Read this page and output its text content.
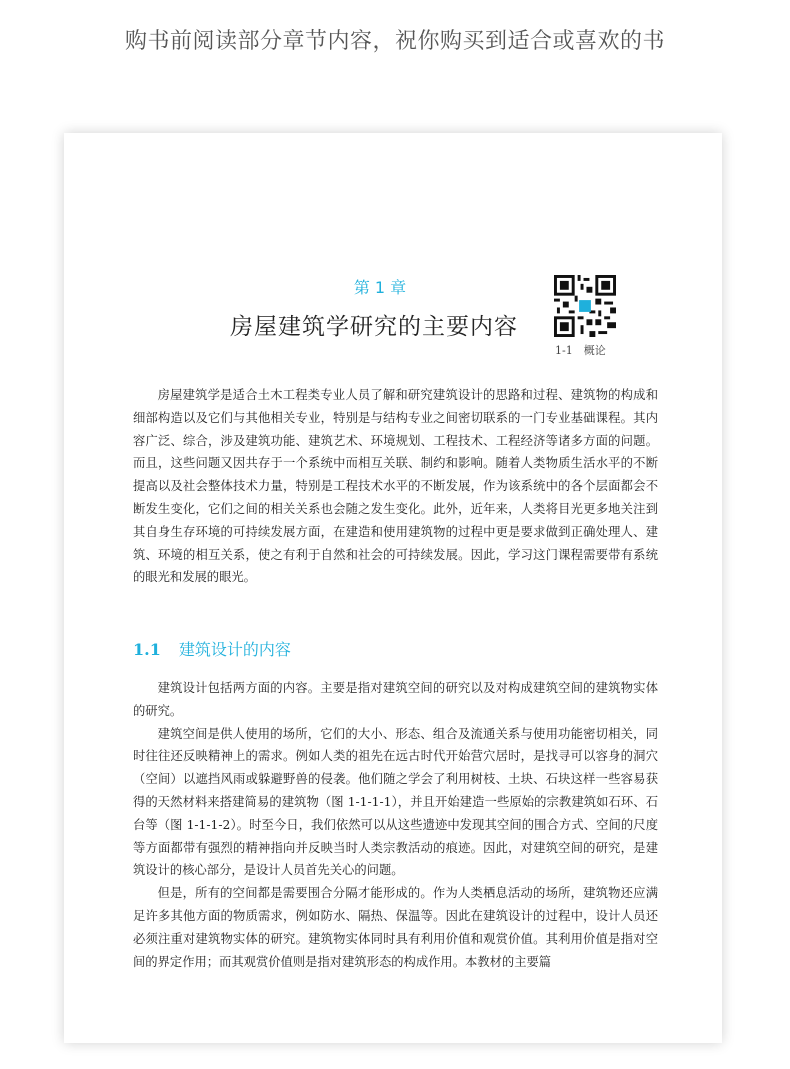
购书前阅读部分章节内容，祝你购买到适合或喜欢的书
第 1 章
房屋建筑学研究的主要内容
1-1　概论

房屋建筑学是适合土木工程类专业人员了解和研究建筑设计的思路和过程、建筑物的构成和细部构造以及它们与其他相关专业，特别是与结构专业之间密切联系的一门专业基础课程。其内容广泛、综合，涉及建筑功能、建筑艺术、环境规划、工程技术、工程经济等诸多方面的问题。而且，这些问题又因共存于一个系统中而相互关联、制约和影响。随着人类物质生活水平的不断提高以及社会整体技术力量，特别是工程技术水平的不断发展，作为该系统中的各个层面都会不断发生变化，它们之间的相关关系也会随之发生变化。此外，近年来，人类将目光更多地关注到其自身生存环境的可持续发展方面，在建造和使用建筑物的过程中更是要求做到正确处理人、建筑、环境的相互关系，使之有利于自然和社会的可持续发展。因此，学习这门课程需要带有系统的眼光和发展的眼光。

1.1 建筑设计的内容

建筑设计包括两方面的内容。主要是指对建筑空间的研究以及对构成建筑空间的建筑物实体的研究。

建筑空间是供人使用的场所，它们的大小、形态、组合及流通关系与使用功能密切相关，同时往往还反映精神上的需求。例如人类的祖先在远古时代开始营穴居时，是找寻可以容身的洞穴（空间）以遮挡风雨或躲避野兽的侵袭。他们随之学会了利用树枝、土块、石块这样一些容易获得的天然材料来搭建简易的建筑物（图 1-1-1-1），并且开始建造一些原始的宗教建筑如石环、石台等（图 1-1-1-2）。时至今日，我们依然可以从这些遗迹中发现其空间的围合方式、空间的尺度等方面都带有强烈的精神指向并反映当时人类宗教活动的痕迹。因此，对建筑空间的研究，是建筑设计的核心部分，是设计人员首先关心的问题。

但是，所有的空间都是需要围合分隔才能形成的。作为人类栖息活动的场所，建筑物还应满足许多其他方面的物质需求，例如防水、隔热、保温等。因此在建筑设计的过程中，设计人员还必须注重对建筑物实体的研究。建筑物实体同时具有利用价值和观赏价值。其利用价值是指对空间的界定作用；而其观赏价值则是指对建筑形态的构成作用。本教材的主要篇
